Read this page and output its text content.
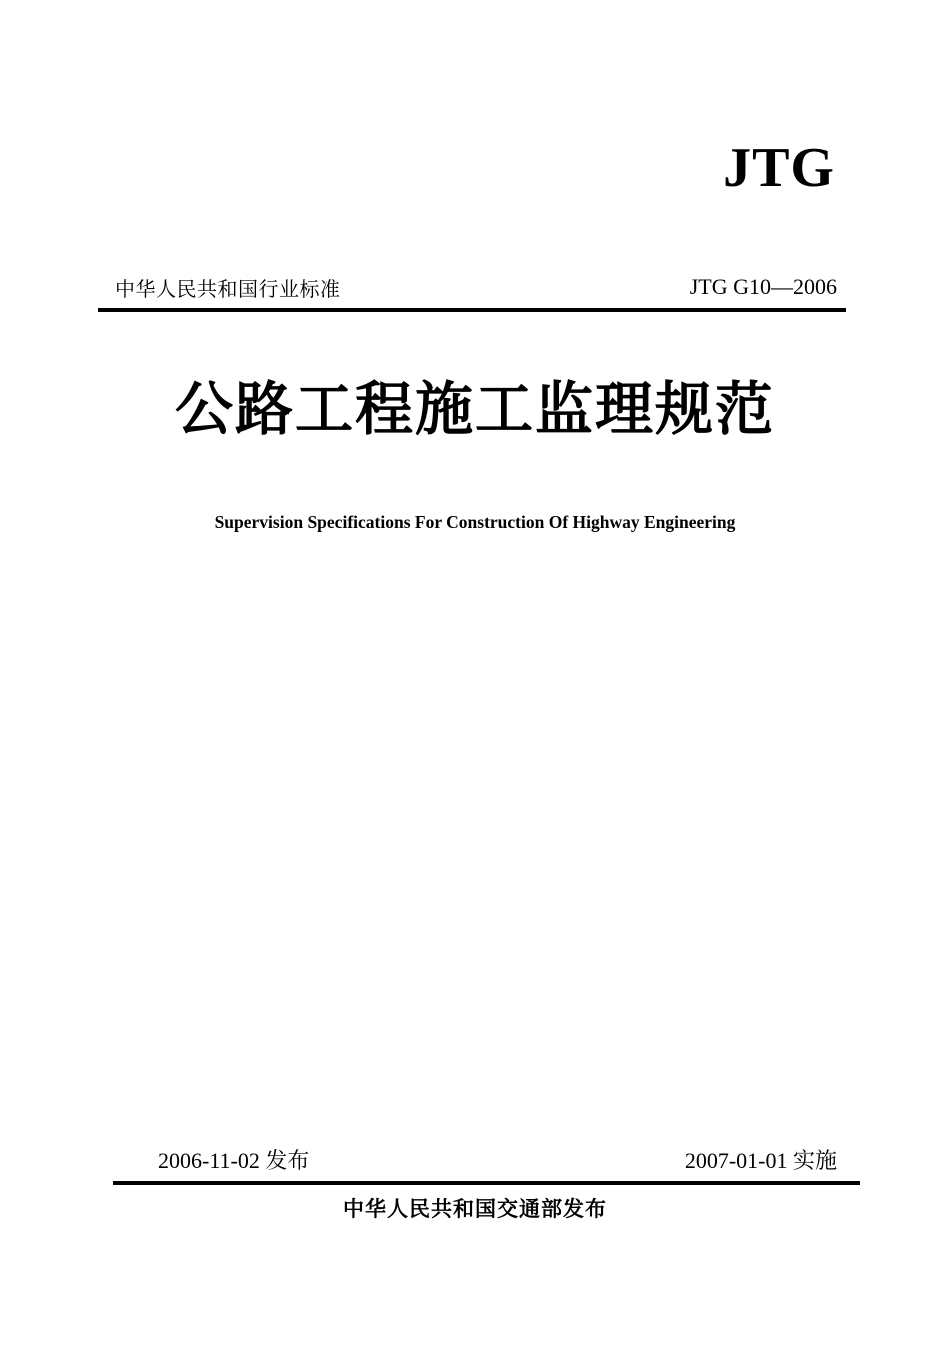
JTG
中华人民共和国行业标准	JTG G10—2006
公路工程施工监理规范
Supervision Specifications For Construction Of Highway Engineering
2006-11-02 发布	2007-01-01 实施
中华人民共和国交通部发布
